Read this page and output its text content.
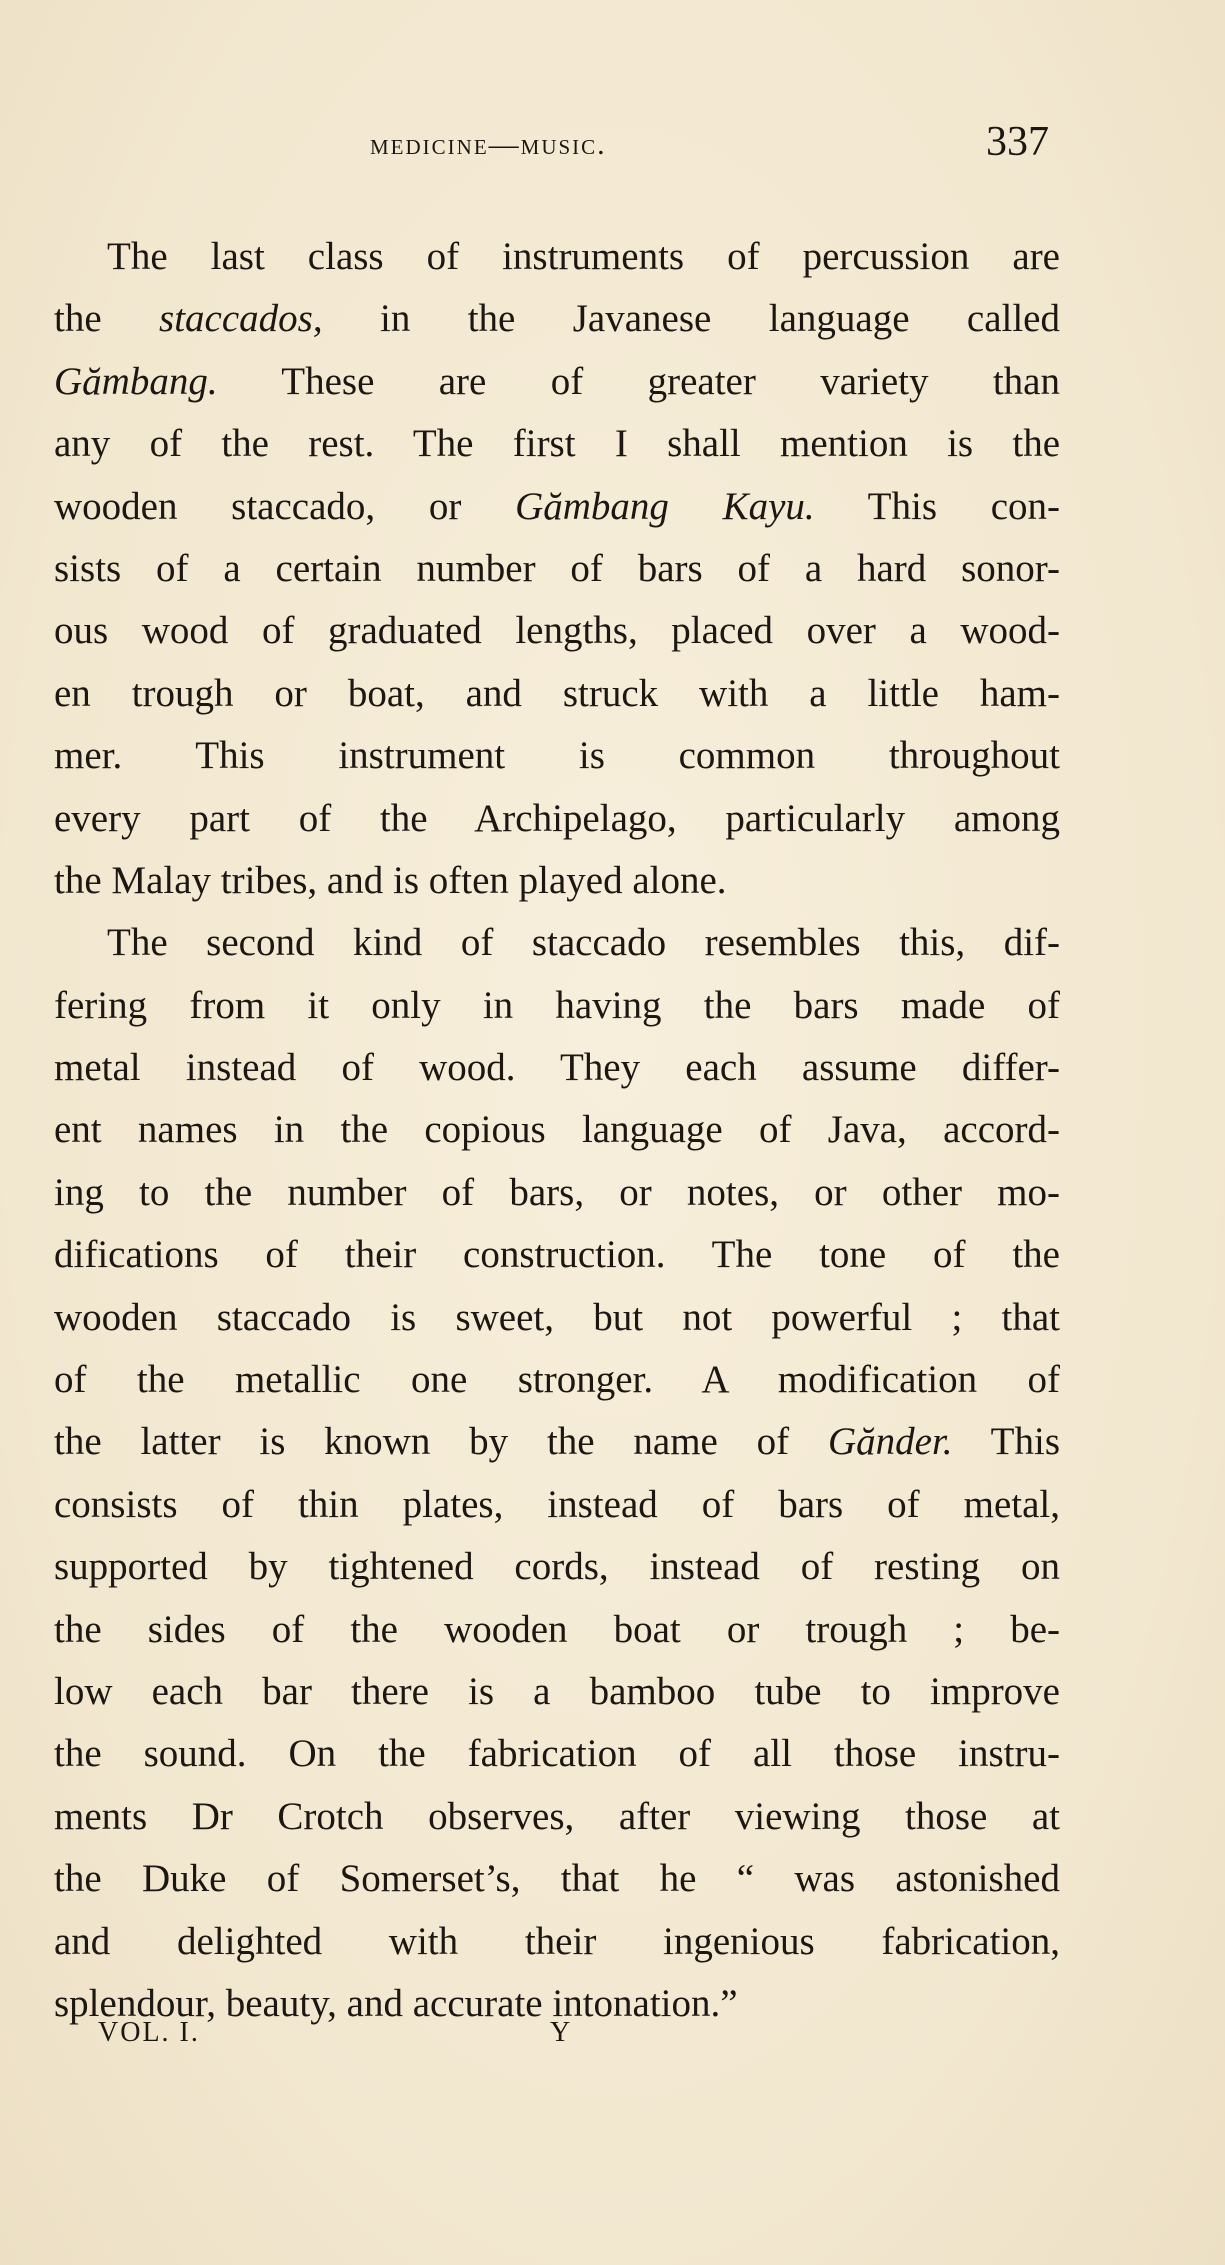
medicine—music.	337
The last class of instruments of percussion are
the staccados, in the Javanese language called
Gămbang. These are of greater variety than
any of the rest. The first I shall mention is the
wooden staccado, or Gămbang Kayu. This con-
sists of a certain number of bars of a hard sonor-
ous wood of graduated lengths, placed over a wood-
en trough or boat, and struck with a little ham-
mer. This instrument is common throughout
every part of the Archipelago, particularly among
the Malay tribes, and is often played alone.
The second kind of staccado resembles this, dif-
fering from it only in having the bars made of
metal instead of wood. They each assume differ-
ent names in the copious language of Java, accord-
ing to the number of bars, or notes, or other mo-
difications of their construction. The tone of the
wooden staccado is sweet, but not powerful ; that
of the metallic one stronger. A modification of
the latter is known by the name of Gănder. This
consists of thin plates, instead of bars of metal,
supported by tightened cords, instead of resting on
the sides of the wooden boat or trough ; be-
low each bar there is a bamboo tube to improve
the sound. On the fabrication of all those instru-
ments Dr Crotch observes, after viewing those at
the Duke of Somerset’s, that he “ was astonished
and delighted with their ingenious fabrication,
splendour, beauty, and accurate intonation.”
VOL. I.	Y
